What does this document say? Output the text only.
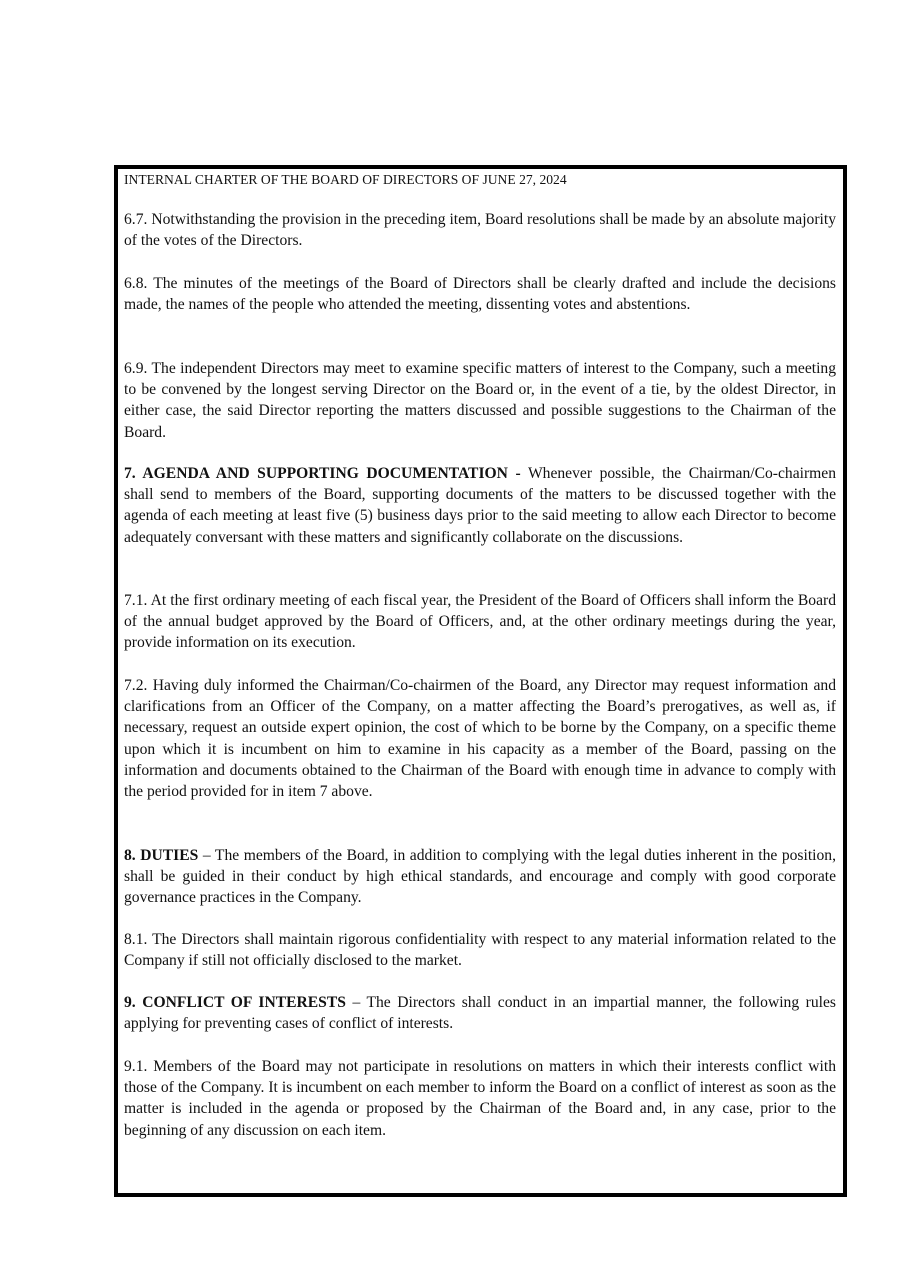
INTERNAL CHARTER OF THE BOARD OF DIRECTORS OF JUNE 27, 2024

6.7. Notwithstanding the provision in the preceding item, Board resolutions shall be made by an absolute majority of the votes of the Directors.

6.8. The minutes of the meetings of the Board of Directors shall be clearly drafted and include the decisions made, the names of the people who attended the meeting, dissenting votes and abstentions.

6.9. The independent Directors may meet to examine specific matters of interest to the Company, such a meeting to be convened by the longest serving Director on the Board or, in the event of a tie, by the oldest Director, in either case, the said Director reporting the matters discussed and possible suggestions to the Chairman of the Board.

7. AGENDA AND SUPPORTING DOCUMENTATION - Whenever possible, the Chairman/Co-chairmen shall send to members of the Board, supporting documents of the matters to be discussed together with the agenda of each meeting at least five (5) business days prior to the said meeting to allow each Director to become adequately conversant with these matters and significantly collaborate on the discussions.

7.1. At the first ordinary meeting of each fiscal year, the President of the Board of Officers shall inform the Board of the annual budget approved by the Board of Officers, and, at the other ordinary meetings during the year, provide information on its execution.

7.2. Having duly informed the Chairman/Co-chairmen of the Board, any Director may request information and clarifications from an Officer of the Company, on a matter affecting the Board’s prerogatives, as well as, if necessary, request an outside expert opinion, the cost of which to be borne by the Company, on a specific theme upon which it is incumbent on him to examine in his capacity as a member of the Board, passing on the information and documents obtained to the Chairman of the Board with enough time in advance to comply with the period provided for in item 7 above.

8. DUTIES – The members of the Board, in addition to complying with the legal duties inherent in the position, shall be guided in their conduct by high ethical standards, and encourage and comply with good corporate governance practices in the Company.

8.1. The Directors shall maintain rigorous confidentiality with respect to any material information related to the Company if still not officially disclosed to the market.

9. CONFLICT OF INTERESTS – The Directors shall conduct in an impartial manner, the following rules applying for preventing cases of conflict of interests.

9.1. Members of the Board may not participate in resolutions on matters in which their interests conflict with those of the Company. It is incumbent on each member to inform the Board on a conflict of interest as soon as the matter is included in the agenda or proposed by the Chairman of the Board and, in any case, prior to the beginning of any discussion on each item.
